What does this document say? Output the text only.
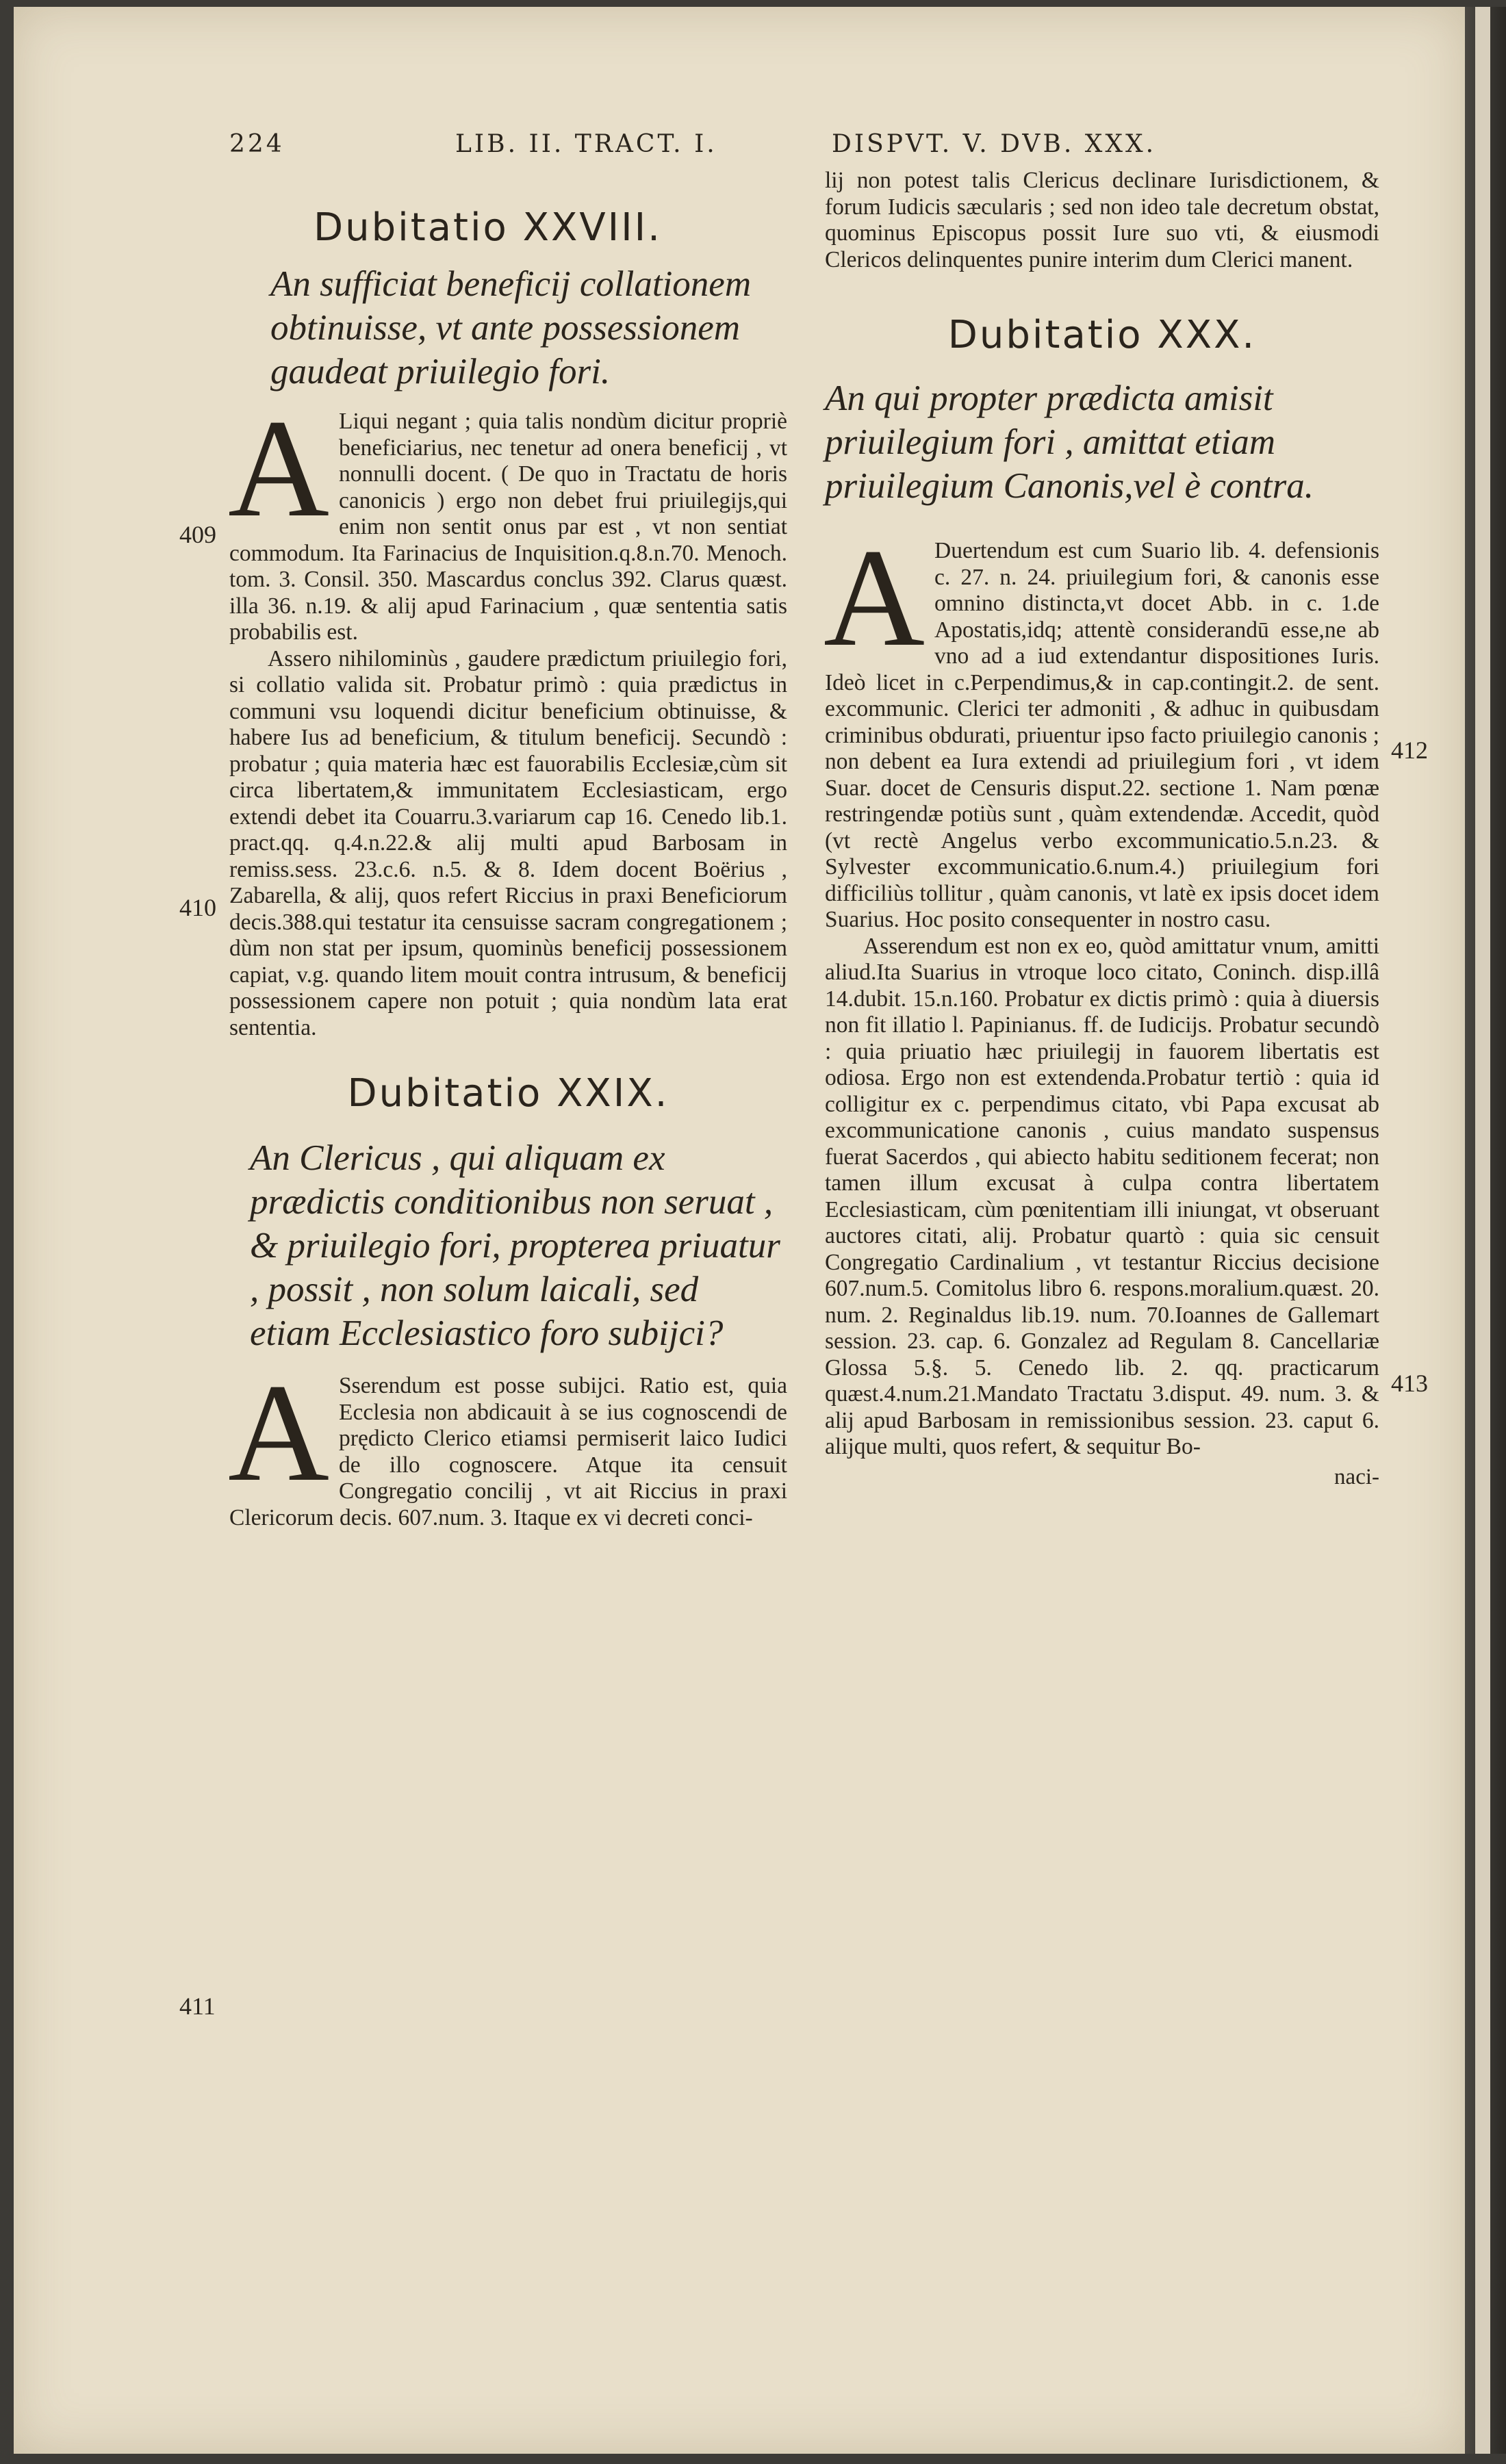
224	LIB. II. TRACT. I.	DISPVT. V. DVB. XXX.
Dubitatio XXVIII.

An sufficiat beneficij collationem obtinuisse, vt ante possessionem gaudeat priuilegio fori.

A Liqui negant ; quia talis nondùm dicitur propriè beneficiarius, nec tenetur ad onera beneficij , vt nonnulli docent. ( De quo in Tractatu de horis canonicis ) ergo non debet frui priuilegijs,qui enim non sentit onus par est , vt non sentiat commodum. Ita Farinacius de Inquisition.q.8.n.70. Menoch. tom. 3. Consil. 350. Mascardus conclus 392. Clarus quæst. illa 36. n.19. & alij apud Farinacium , quæ sententia satis probabilis est.

Assero nihilominùs , gaudere prædictum priuilegio fori, si collatio valida sit. Probatur primò : quia prædictus in communi vsu loquendi dicitur beneficium obtinuisse, & habere Ius ad beneficium, & titulum beneficij. Secundò : probatur ; quia materia hæc est fauorabilis Ecclesiæ,cùm sit circa libertatem,& immunitatem Ecclesiasticam, ergo extendi debet ita Couarru.3.variarum cap 16. Cenedo lib.1. pract.qq. q.4.n.22.& alij multi apud Barbosam in remiss.sess. 23.c.6. n.5. & 8. Idem docent Boërius , Zabarella, & alij, quos refert Riccius in praxi Beneficiorum decis.388.qui testatur ita censuisse sacram congregationem ; dùm non stat per ipsum, quominùs beneficij possessionem capiat, v.g. quando litem mouit contra intrusum, & beneficij possessionem capere non potuit ; quia nondùm lata erat sententia.

Dubitatio XXIX.

An Clericus , qui aliquam ex prædictis conditionibus non seruat , & priuilegio fori, propterea priuatur , possit , non solum laicali, sed etiam Ecclesiastico foro subijci?

A Sserendum est posse subijci. Ratio est, quia Ecclesia non abdicauit à se ius cognoscendi de prędicto Clerico etiamsi permiserit laico Iudici de illo cognoscere. Atque ita censuit Congregatio concilij , vt ait Riccius in praxi Clericorum decis. 607.num. 3. Itaque ex vi decreti conci-

409
410
411

lij non potest talis Clericus declinare Iurisdictionem, & forum Iudicis sæcularis ; sed non ideo tale decretum obstat, quominus Episcopus possit Iure suo vti, & eiusmodi Clericos delinquentes punire interim dum Clerici manent.

Dubitatio XXX.

An qui propter prædicta amisit priuilegium fori , amittat etiam priuilegium Canonis,vel è contra.

A Duertendum est cum Suario lib. 4. defensionis c. 27. n. 24. priuilegium fori, & canonis esse omnino distincta,vt docet Abb. in c. 1.de Apostatis,idq; attentè considerandū esse,ne ab vno ad a iud extendantur dispositiones Iuris. Ideò licet in c.Perpendimus,& in cap.contingit.2. de sent. excommunic. Clerici ter admoniti , & adhuc in quibusdam criminibus obdurati, priuentur ipso facto priuilegio canonis ; non debent ea Iura extendi ad priuilegium fori , vt idem Suar. docet de Censuris disput.22. sectione 1. Nam pœnæ restringendæ potiùs sunt , quàm extendendæ. Accedit, quòd (vt rectè Angelus verbo excommunicatio.5.n.23. & Sylvester excommunicatio.6.num.4.) priuilegium fori difficiliùs tollitur , quàm canonis, vt latè ex ipsis docet idem Suarius. Hoc posito consequenter in nostro casu.

Asserendum est non ex eo, quòd amittatur vnum, amitti aliud.Ita Suarius in vtroque loco citato, Coninch. disp.illâ 14.dubit. 15.n.160. Probatur ex dictis primò : quia à diuersis non fit illatio l. Papinianus. ff. de Iudicijs. Probatur secundò : quia priuatio hæc priuilegij in fauorem libertatis est odiosa. Ergo non est extendenda.Probatur tertiò : quia id colligitur ex c. perpendimus citato, vbi Papa excusat ab excommunicatione canonis , cuius mandato suspensus fuerat Sacerdos , qui abiecto habitu seditionem fecerat; non tamen illum excusat à culpa contra libertatem Ecclesiasticam, cùm pœnitentiam illi iniungat, vt obseruant auctores citati, alij. Probatur quartò : quia sic censuit Congregatio Cardinalium , vt testantur Riccius decisione 607.num.5. Comitolus libro 6. respons.moralium.quæst. 20. num. 2. Reginaldus lib.19. num. 70.Ioannes de Gallemart session. 23. cap. 6. Gonzalez ad Regulam 8. Cancellariæ Glossa 5.§. 5. Cenedo lib. 2. qq. practicarum quæst.4.num.21.Mandatо Tractatu 3.disput. 49. num. 3. & alij apud Barbosam in remissionibus session. 23. caput 6. alijque multi, quos refert, & sequitur Bo-

naci-
412
413
